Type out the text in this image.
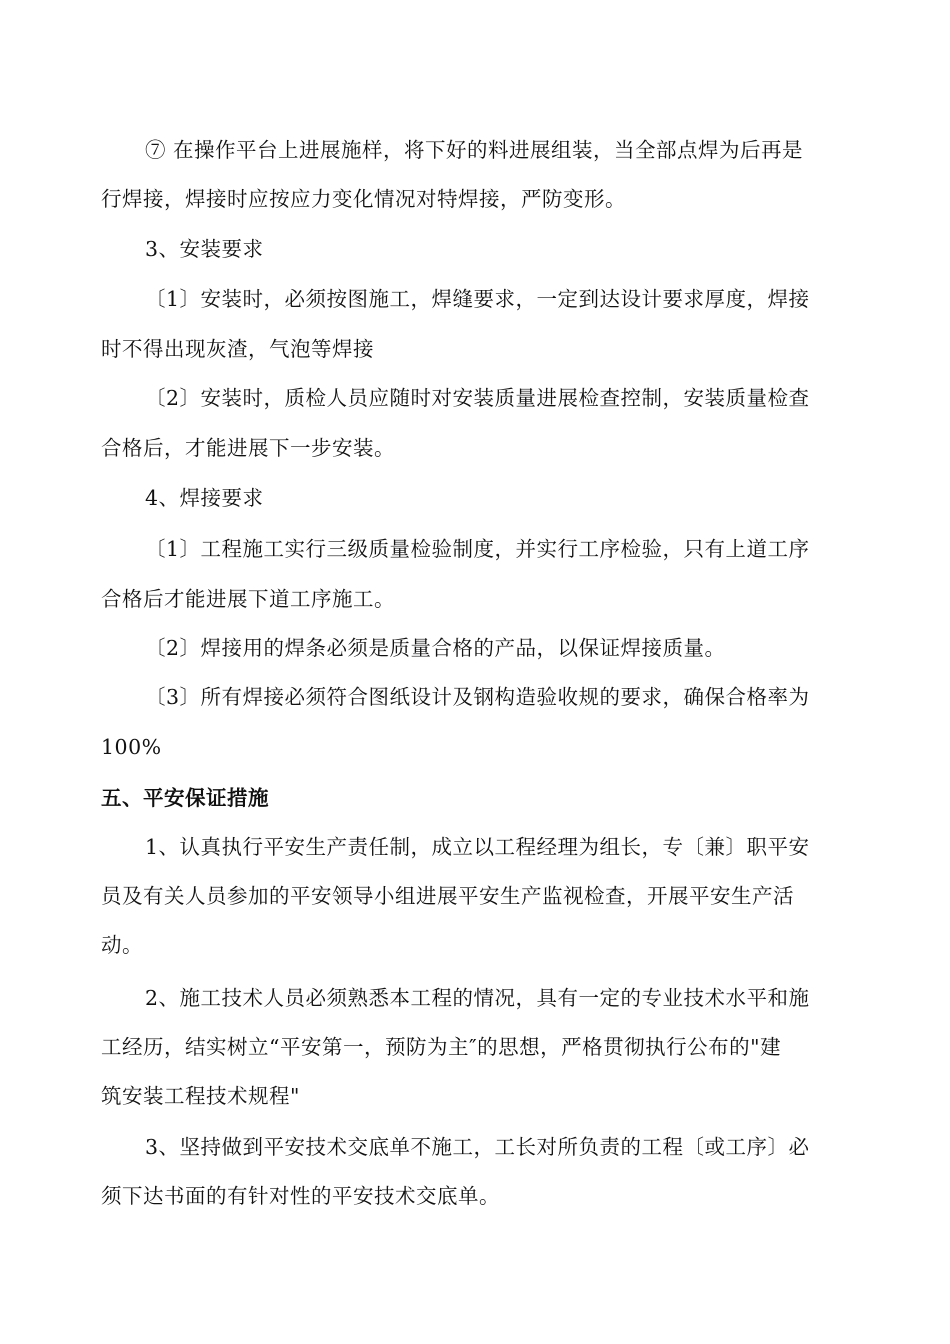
⑦ 在操作平台上进展施样，将下好的料进展组装，当全部点焊为后再是
行焊接，焊接时应按应力变化情况对特焊接，严防变形。
3、安装要求
〔1〕安装时，必须按图施工，焊缝要求，一定到达设计要求厚度，焊接
时不得出现灰渣，气泡等焊接
〔2〕安装时，质检人员应随时对安装质量进展检查控制，安装质量检查
合格后，才能进展下一步安装。
4、焊接要求
〔1〕工程施工实行三级质量检验制度，并实行工序检验，只有上道工序
合格后才能进展下道工序施工。
〔2〕焊接用的焊条必须是质量合格的产品，以保证焊接质量。
〔3〕所有焊接必须符合图纸设计及钢构造验收规的要求，确保合格率为
100%
五、平安保证措施
1、认真执行平安生产责任制，成立以工程经理为组长，专〔兼〕职平安
员及有关人员参加的平安领导小组进展平安生产监视检查，开展平安生产活
动。
2、施工技术人员必须熟悉本工程的情况，具有一定的专业技术水平和施
工经历，结实树立“平安第一，预防为主″的思想，严格贯彻执行公布的"建
筑安装工程技术规程"
3、坚持做到平安技术交底单不施工，工长对所负责的工程〔或工序〕必
须下达书面的有针对性的平安技术交底单。
